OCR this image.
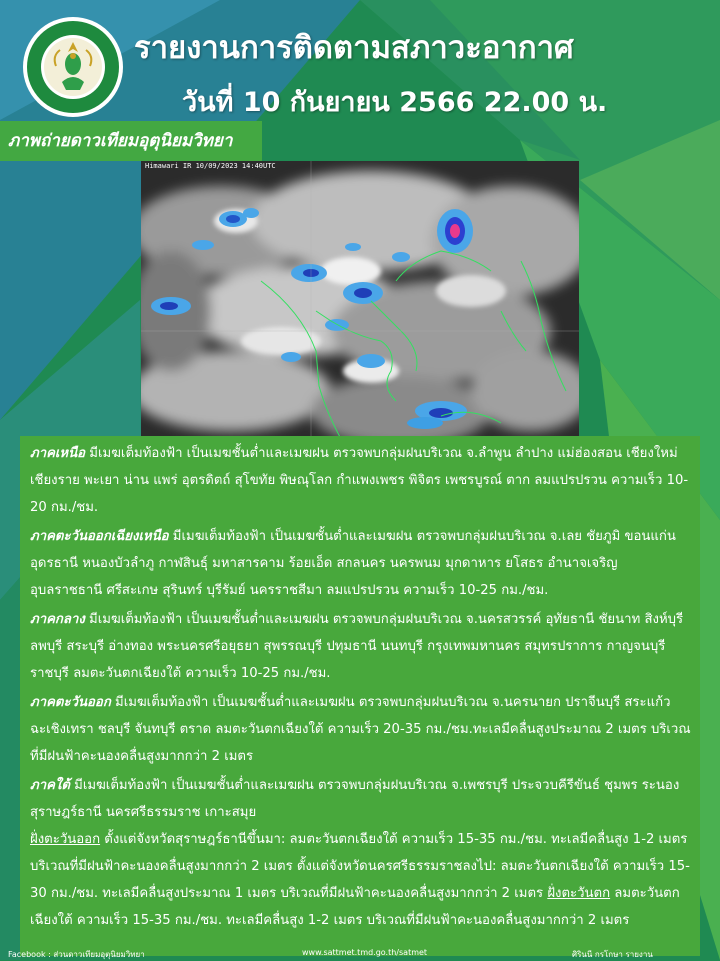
รายงานการติดตามสภาวะอากาศ
วันที่ 10 กันยายน 2566 22.00 น.
ภาพถ่ายดาวเทียมอุตุนิยมวิทยา
Himawari IR 10/09/2023 14:40UTC

ภาคเหนือ มีเมฆเต็มท้องฟ้า เป็นเมฆชั้นต่ำและเมฆฝน ตรวจพบกลุ่มฝนบริเวณ จ.ลำพูน ลำปาง แม่ฮ่องสอน เชียงใหม่ เชียงราย พะเยา น่าน แพร่ อุตรดิตถ์ สุโขทัย พิษณุโลก กำแพงเพชร พิจิตร เพชรบูรณ์ ตาก ลมแปรปรวน ความเร็ว 10-20 กม./ชม.

ภาคตะวันออกเฉียงเหนือ มีเมฆเต็มท้องฟ้า เป็นเมฆชั้นต่ำและเมฆฝน ตรวจพบกลุ่มฝนบริเวณ จ.เลย ชัยภูมิ ขอนแก่น อุดรธานี หนองบัวลำภู กาฬสินธุ์ มหาสารคาม ร้อยเอ็ด สกลนคร นครพนม มุกดาหาร ยโสธร อำนาจเจริญ อุบลราชธานี ศรีสะเกษ สุรินทร์ บุรีรัมย์ นครราชสีมา ลมแปรปรวน ความเร็ว 10-25 กม./ชม.

ภาคกลาง มีเมฆเต็มท้องฟ้า เป็นเมฆชั้นต่ำและเมฆฝน ตรวจพบกลุ่มฝนบริเวณ จ.นครสวรรค์ อุทัยธานี ชัยนาท สิงห์บุรี ลพบุรี สระบุรี อ่างทอง พระนครศรีอยุธยา สุพรรณบุรี ปทุมธานี นนทบุรี กรุงเทพมหานคร สมุทรปราการ กาญจนบุรี ราชบุรี ลมตะวันตกเฉียงใต้ ความเร็ว 10-25 กม./ชม.

ภาคตะวันออก มีเมฆเต็มท้องฟ้า เป็นเมฆชั้นต่ำและเมฆฝน ตรวจพบกลุ่มฝนบริเวณ จ.นครนายก ปราจีนบุรี สระแก้ว ฉะเชิงเทรา ชลบุรี จันทบุรี ตราด ลมตะวันตกเฉียงใต้ ความเร็ว 20-35 กม./ชม.ทะเลมีคลื่นสูงประมาณ 2 เมตร บริเวณที่มีฝนฟ้าคะนองคลื่นสูงมากกว่า 2 เมตร

ภาคใต้ มีเมฆเต็มท้องฟ้า เป็นเมฆชั้นต่ำและเมฆฝน ตรวจพบกลุ่มฝนบริเวณ จ.เพชรบุรี ประจวบคีรีขันธ์ ชุมพร ระนอง สุราษฎร์ธานี นครศรีธรรมราช เกาะสมุย
ฝั่งตะวันออก ตั้งแต่จังหวัดสุราษฎร์ธานีขึ้นมา: ลมตะวันตกเฉียงใต้ ความเร็ว 15-35 กม./ชม. ทะเลมีคลื่นสูง 1-2 เมตร บริเวณที่มีฝนฟ้าคะนองคลื่นสูงมากกว่า 2 เมตร ตั้งแต่จังหวัดนครศรีธรรมราชลงไป: ลมตะวันตกเฉียงใต้ ความเร็ว 15-30 กม./ชม. ทะเลมีคลื่นสูงประมาณ 1 เมตร บริเวณที่มีฝนฟ้าคะนองคลื่นสูงมากกว่า 2 เมตร ฝั่งตะวันตก ลมตะวันตกเฉียงใต้ ความเร็ว 15-35 กม./ชม. ทะเลมีคลื่นสูง 1-2 เมตร บริเวณที่มีฝนฟ้าคะนองคลื่นสูงมากกว่า 2 เมตร

Facebook : ส่วนดาวเทียมอุตุนิยมวิทยา	www.sattmet.tmd.go.th/satmet	ศิรินนี กรโกษา รายงาน
